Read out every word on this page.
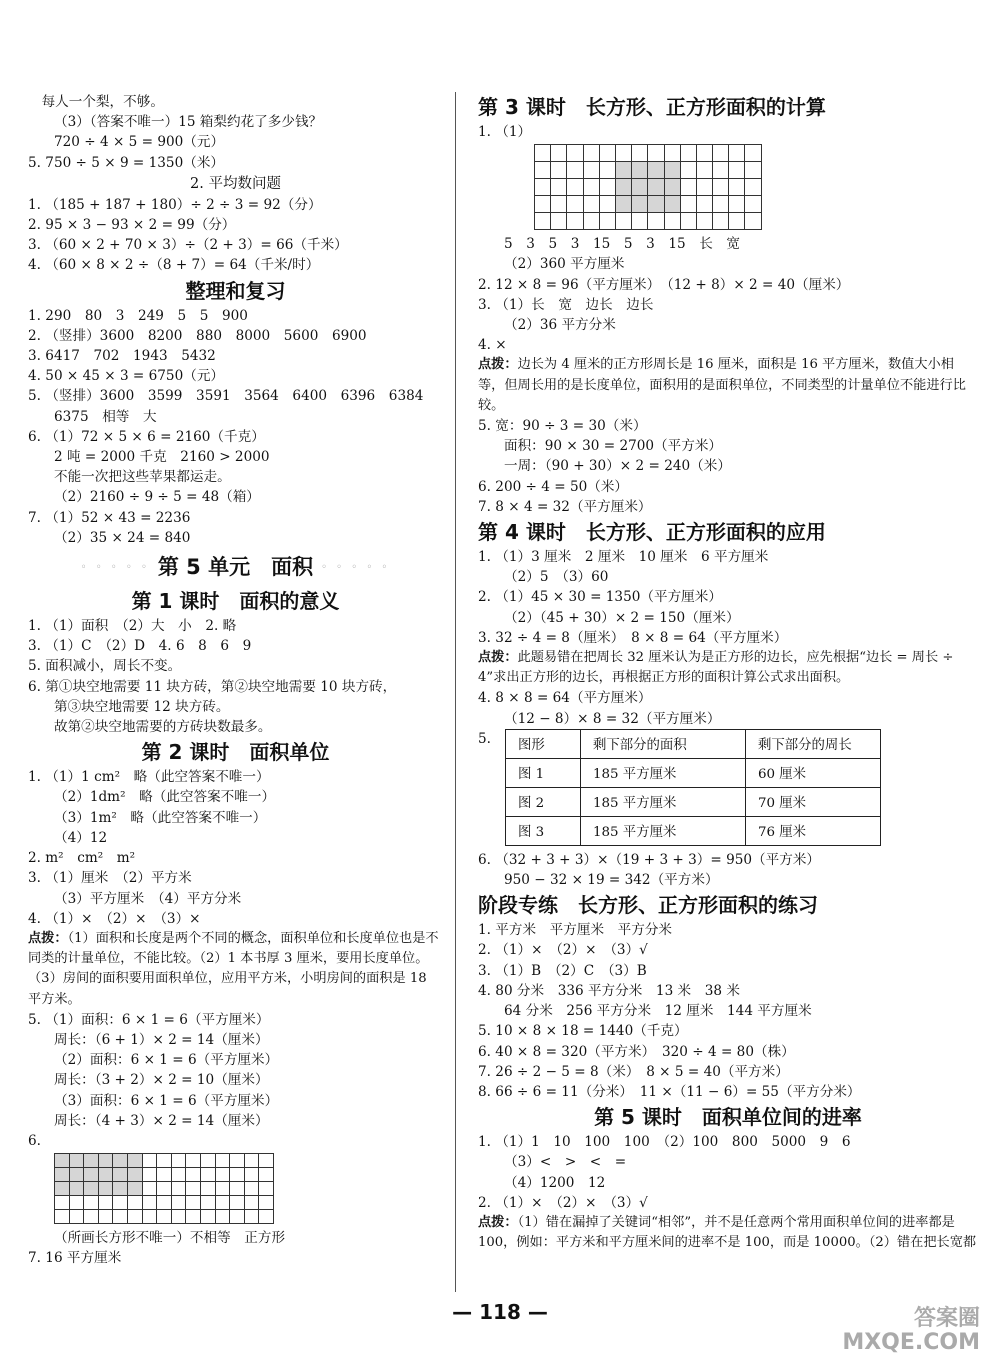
　每人一个梨，不够。
（3）（答案不唯一）15 箱梨约花了多少钱？
720 ÷ 4 × 5 = 900（元）
5. 750 ÷ 5 × 9 = 1350（米）
2. 平均数问题
1. （185 + 187 + 180）÷ 2 ÷ 3 = 92（分）
2. 95 × 3 − 93 × 2 = 99（分）
3. （60 × 2 + 70 × 3）÷（2 + 3）= 66（千米）
4. （60 × 8 × 2 ÷（8 + 7）= 64（千米/时）
整理和复习
1. 290　80　3　249　5　5　900
2. （竖排）3600　8200　880　8000　5600　6900
3. 6417　702　1943　5432
4. 50 × 45 × 3 = 6750（元）
5. （竖排）3600　3599　3591　3564　6400　6396　6384
6375　相等　大
6. （1）72 × 5 × 6 = 2160（千克）
2 吨 = 2000 千克　2160 > 2000
不能一次把这些苹果都运走。
（2）2160 ÷ 9 ÷ 5 = 48（箱）
7. （1）52 × 43 = 2236
（2）35 × 24 = 840
◦ ◦ ◦ ◦ ◦ 第 5 单元　面积 ◦ ◦ ◦ ◦ ◦
第 1 课时　面积的意义
1. （1）面积　（2）大　小　2. 略
3. （1）C　（2）D　4. 6　8　6　9
5. 面积减小，周长不变。
6. 第①块空地需要 11 块方砖，第②块空地需要 10 块方砖，
第③块空地需要 12 块方砖。
故第②块空地需要的方砖块数最多。
第 2 课时　面积单位
1. （1）1 cm²　略（此空答案不唯一）
（2）1dm²　略（此空答案不唯一）
（3）1m²　略（此空答案不唯一）
（4）12
2. m²　cm²　m²
3. （1）厘米　（2）平方米
（3）平方厘米　（4）平方分米
4. （1）×　（2）×　（3）×
点拨：（1）面积和长度是两个不同的概念，面积单位和长度单位也是不同类的计量单位，不能比较。（2）1 本书厚 3 厘米，要用长度单位。（3）房间的面积要用面积单位，应用平方米，小明房间的面积是 18 平方米。
5. （1）面积：6 × 1 = 6（平方厘米）
周长：（6 + 1）× 2 = 14（厘米）
（2）面积：6 × 1 = 6（平方厘米）
周长：（3 + 2）× 2 = 10（厘米）
（3）面积：6 × 1 = 6（平方厘米）
周长：（4 + 3）× 2 = 14（厘米）
6.

（所画长方形不唯一）不相等　正方形
7. 16 平方厘米
第 3 课时　长方形、正方形面积的计算
1. （1）

5　3　5　3　15　5　3　15　长　宽
（2）360 平方厘米
2. 12 × 8 = 96（平方厘米）　（12 + 8）× 2 = 40（厘米）
3. （1）长　宽　边长　边长
（2）36 平方分米
4. ×
点拨：边长为 4 厘米的正方形周长是 16 厘米，面积是 16 平方厘米，数值大小相等，但周长用的是长度单位，面积用的是面积单位，不同类型的计量单位不能进行比较。
5. 宽：90 ÷ 3 = 30（米）
面积：90 × 30 = 2700（平方米）
一周：（90 + 30）× 2 = 240（米）
6. 200 ÷ 4 = 50（米）
7. 8 × 4 = 32（平方厘米）
第 4 课时　长方形、正方形面积的应用
1. （1）3 厘米　2 厘米　10 厘米　6 平方厘米
（2）5　（3）60
2. （1）45 × 30 = 1350（平方厘米）
（2）（45 + 30）× 2 = 150（厘米）
3. 32 ÷ 4 = 8（厘米）　8 × 8 = 64（平方厘米）
点拨：此题易错在把周长 32 厘米认为是正方形的边长，应先根据“边长 = 周长 ÷ 4”求出正方形的边长，再根据正方形的面积计算公式求出面积。
4. 8 × 8 = 64（平方厘米）
（12 − 8）× 8 = 32（平方厘米）
5. 图形	剩下部分的面积	剩下部分的周长
图 1	185 平方厘米	60 厘米
图 2	185 平方厘米	70 厘米
图 3	185 平方厘米	76 厘米
6. （32 + 3 + 3）×（19 + 3 + 3）= 950（平方米）
950 − 32 × 19 = 342（平方米）
阶段专练　长方形、正方形面积的练习
1. 平方米　平方厘米　平方分米
2. （1）×　（2）×　（3）√
3. （1）B　（2）C　（3）B
4. 80 分米　336 平方分米　13 米　38 米
64 分米　256 平方分米　12 厘米　144 平方厘米
5. 10 × 8 × 18 = 1440（千克）
6. 40 × 8 = 320（平方米）　320 ÷ 4 = 80（株）
7. 26 ÷ 2 − 5 = 8（米）　8 × 5 = 40（平方米）
8. 66 ÷ 6 = 11（分米）　11 ×（11 − 6）= 55（平方分米）
第 5 课时　面积单位间的进率
1. （1）1　10　100　100　（2）100　800　5000　9　6
（3）<　>　<　=
（4）1200　12
2. （1）×　（2）×　（3）√
点拨：（1）错在漏掉了关键词“相邻”，并不是任意两个常用面积单位间的进率都是 100，例如：平方米和平方厘米间的进率不是 100，而是 10000。（2）错在把长宽都
— 118 —	答案圈
MXQE.COM
